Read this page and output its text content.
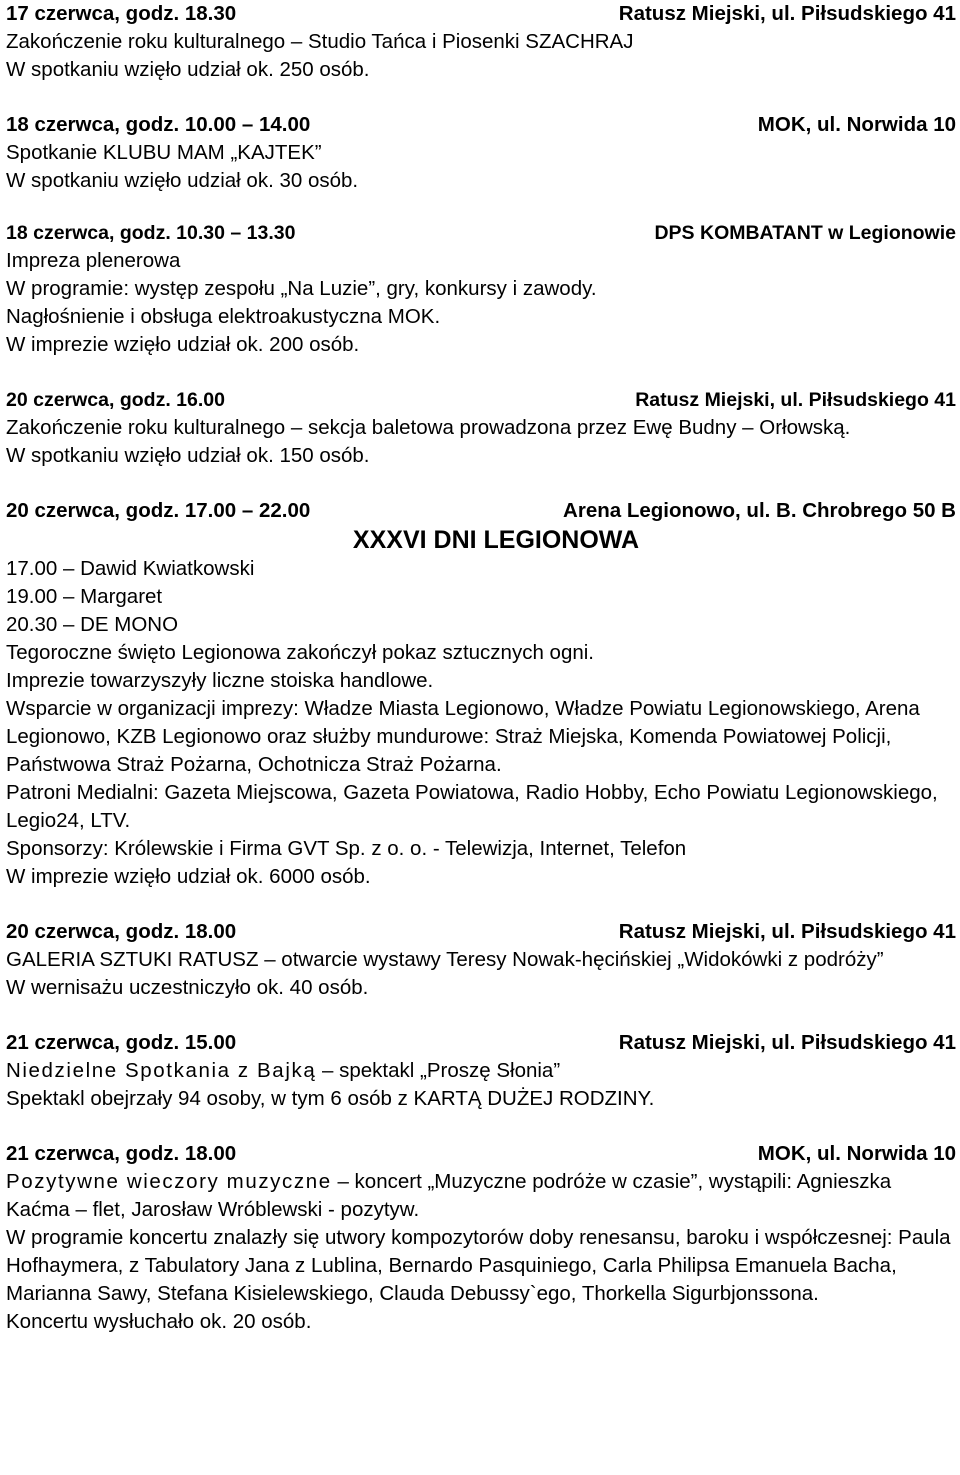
17 czerwca, godz. 18.30	Ratusz Miejski, ul. Piłsudskiego 41
Zakończenie roku kulturalnego – Studio Tańca i Piosenki SZACHRAJ
W spotkaniu wzięło udział ok. 250 osób.
18 czerwca, godz. 10.00 – 14.00	MOK, ul. Norwida 10
Spotkanie KLUBU MAM „KAJTEK”
W spotkaniu wzięło udział ok. 30 osób.
18 czerwca, godz. 10.30 – 13.30	DPS KOMBATANT w Legionowie
Impreza plenerowa
W programie: występ zespołu „Na Luzie”, gry, konkursy i zawody.
Nagłośnienie i obsługa elektroakustyczna MOK.
W imprezie wzięło udział ok. 200 osób.
20 czerwca, godz. 16.00	Ratusz Miejski, ul. Piłsudskiego 41
Zakończenie roku kulturalnego – sekcja baletowa prowadzona przez Ewę Budny – Orłowską.
W spotkaniu wzięło udział ok. 150 osób.
20 czerwca, godz. 17.00 – 22.00	Arena Legionowo, ul. B. Chrobrego 50 B
XXXVI DNI LEGIONOWA
17.00 – Dawid Kwiatkowski
19.00 – Margaret
20.30 – DE MONO
Tegoroczne święto Legionowa zakończył pokaz sztucznych ogni.
Imprezie towarzyszyły liczne stoiska handlowe.
Wsparcie w organizacji imprezy: Władze Miasta Legionowo, Władze Powiatu Legionowskiego, Arena Legionowo, KZB Legionowo oraz służby mundurowe: Straż Miejska, Komenda Powiatowej Policji, Państwowa Straż Pożarna, Ochotnicza Straż Pożarna.
Patroni Medialni: Gazeta Miejscowa, Gazeta Powiatowa, Radio Hobby, Echo Powiatu Legionowskiego, Legio24, LTV.
Sponsorzy: Królewskie i Firma GVT Sp. z o. o. - Telewizja, Internet, Telefon
W imprezie wzięło udział ok. 6000 osób.
20 czerwca, godz. 18.00	Ratusz Miejski, ul. Piłsudskiego 41
GALERIA SZTUKI RATUSZ – otwarcie wystawy Teresy Nowak-hęcińskiej „Widokówki z podróży”
W wernisażu uczestniczyło ok. 40 osób.
21 czerwca, godz. 15.00	Ratusz Miejski, ul. Piłsudskiego 41
Niedzielne Spotkania z Bajką – spektakl „Proszę Słonia”
Spektakl obejrzały 94 osoby, w tym 6 osób z KARTĄ DUŻEJ RODZINY.
21 czerwca, godz. 18.00	MOK, ul. Norwida 10
Pozytywne wieczory muzyczne – koncert „Muzyczne podróże w czasie”, wystąpili: Agnieszka Kaćma – flet, Jarosław Wróblewski - pozytyw.
W programie koncertu znalazły się utwory kompozytorów doby renesansu, baroku i współczesnej: Paula Hofhaymera, z Tabulatory Jana z Lublina, Bernardo Pasquiniego, Carla Philipsa Emanuela Bacha, Marianna Sawy, Stefana Kisielewskiego, Clauda Debussy`ego, Thorkella Sigurbjonssona.
Koncertu wysłuchało ok. 20 osób.
